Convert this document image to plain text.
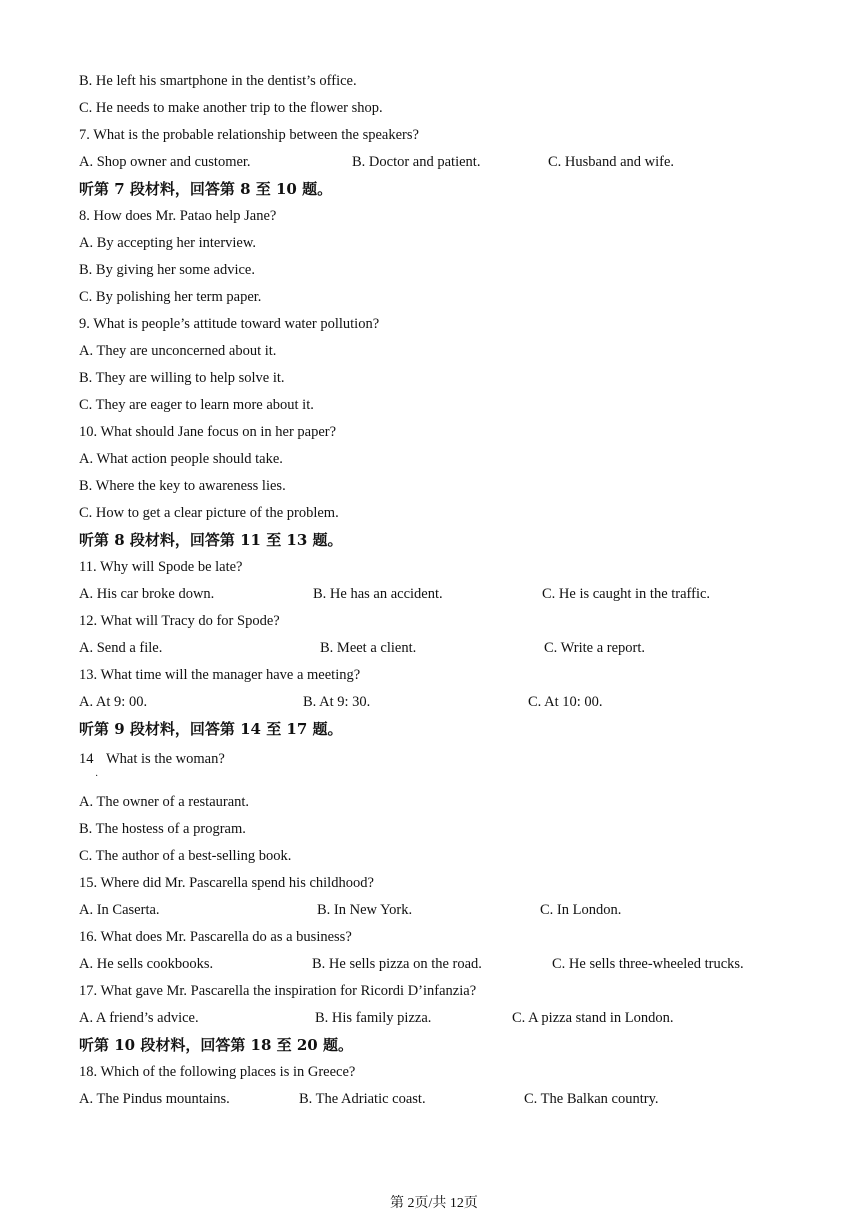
B. He left his smartphone in the dentist’s office.
C. He needs to make another trip to the flower shop.
7. What is the probable relationship between the speakers?
A. Shop owner and customer.	B. Doctor and patient.	C. Husband and wife.
听第 7 段材料，回答第 8 至 10 题。
8. How does Mr. Patao help Jane?
A. By accepting her interview.
B. By giving her some advice.
C. By polishing her term paper.
9. What is people’s attitude toward water pollution?
A. They are unconcerned about it.
B. They are willing to help solve it.
C. They are eager to learn more about it.
10. What should Jane focus on in her paper?
A. What action people should take.
B. Where the key to awareness lies.
C. How to get a clear picture of the problem.
听第 8 段材料，回答第 11 至 13 题。
11. Why will Spode be late?
A. His car broke down.	B. He has an accident.	C. He is caught in the traffic.
12. What will Tracy do for Spode?
A. Send a file.	B. Meet a client.	C. Write a report.
13. What time will the manager have a meeting?
A. At 9: 00.	B. At 9: 30.	C. At 10: 00.
听第 9 段材料，回答第 14 至 17 题。
14 What is the woman?
·
A. The owner of a restaurant.
B. The hostess of a program.
C. The author of a best-selling book.
15. Where did Mr. Pascarella spend his childhood?
A. In Caserta.	B. In New York.	C. In London.
16. What does Mr. Pascarella do as a business?
A. He sells cookbooks.	B. He sells pizza on the road.	C. He sells three-wheeled trucks.
17. What gave Mr. Pascarella the inspiration for Ricordi D’infanzia?
A. A friend’s advice.	B. His family pizza.	C. A pizza stand in London.
听第 10 段材料，回答第 18 至 20 题。
18. Which of the following places is in Greece?
A. The Pindus mountains.	B. The Adriatic coast.	C. The Balkan country.
第 2页/共 12页
